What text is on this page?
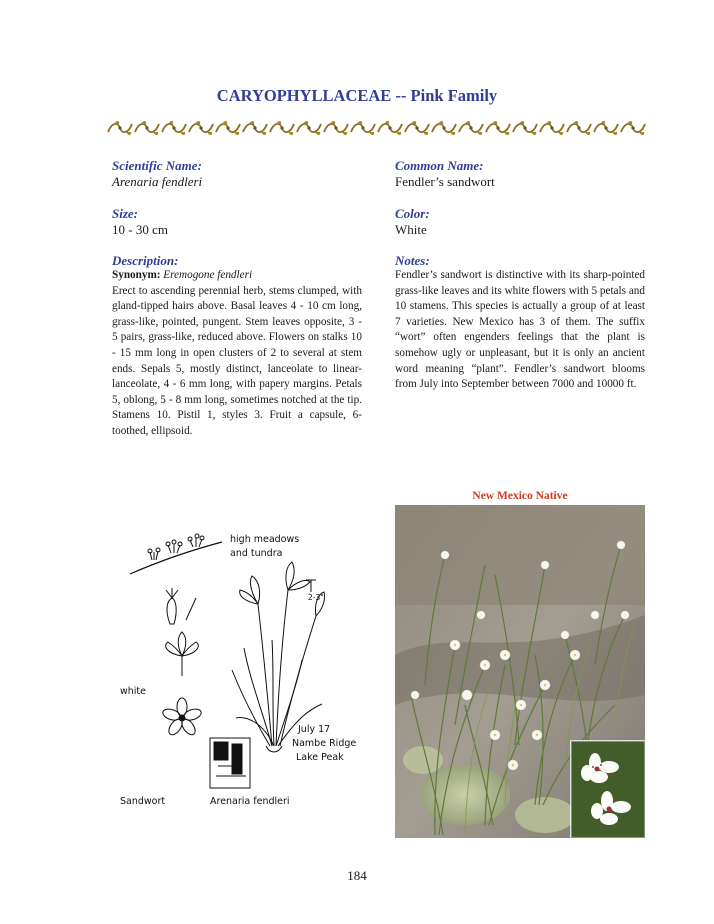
CARYOPHYLLACEAE -- Pink Family
Scientific Name:
Arenaria fendleri
Common Name:
Fendler’s sandwort
Size:
10 - 30 cm
Color:
White
Description:
Synonym: Eremogone fendleri
Erect to ascending perennial herb, stems clumped, with gland-tipped hairs above. Basal leaves 4 - 10 cm long, grass-like, pointed, pungent. Stem leaves opposite, 3 - 5 pairs, grass-like, reduced above. Flowers on stalks 10 - 15 mm long in open clusters of 2 to several at stem ends. Sepals 5, mostly distinct, lanceolate to linear-lanceolate, 4 - 6 mm long, with papery margins. Petals 5, oblong, 5 - 8 mm long, sometimes notched at the tip. Stamens 10. Pistil 1, styles 3. Fruit a capsule, 6-toothed, ellipsoid.
Notes:
Fendler’s sandwort is distinctive with its sharp-pointed grass-like leaves and its white flowers with 5 petals and 10 stamens. This species is actually a group of at least 7 varieties. New Mexico has 3 of them. The suffix “wort” often engenders feelings that the plant is somehow ugly or unpleasant, but it is only an ancient word meaning “plant”. Fendler’s sandwort blooms from July into September between 7000 and 10000 ft.
high meadows
and tundra
2-3"
white
July 17
Nambe Ridge
Lake Peak
Sandwort	Arenaria fendleri
New Mexico Native
184
